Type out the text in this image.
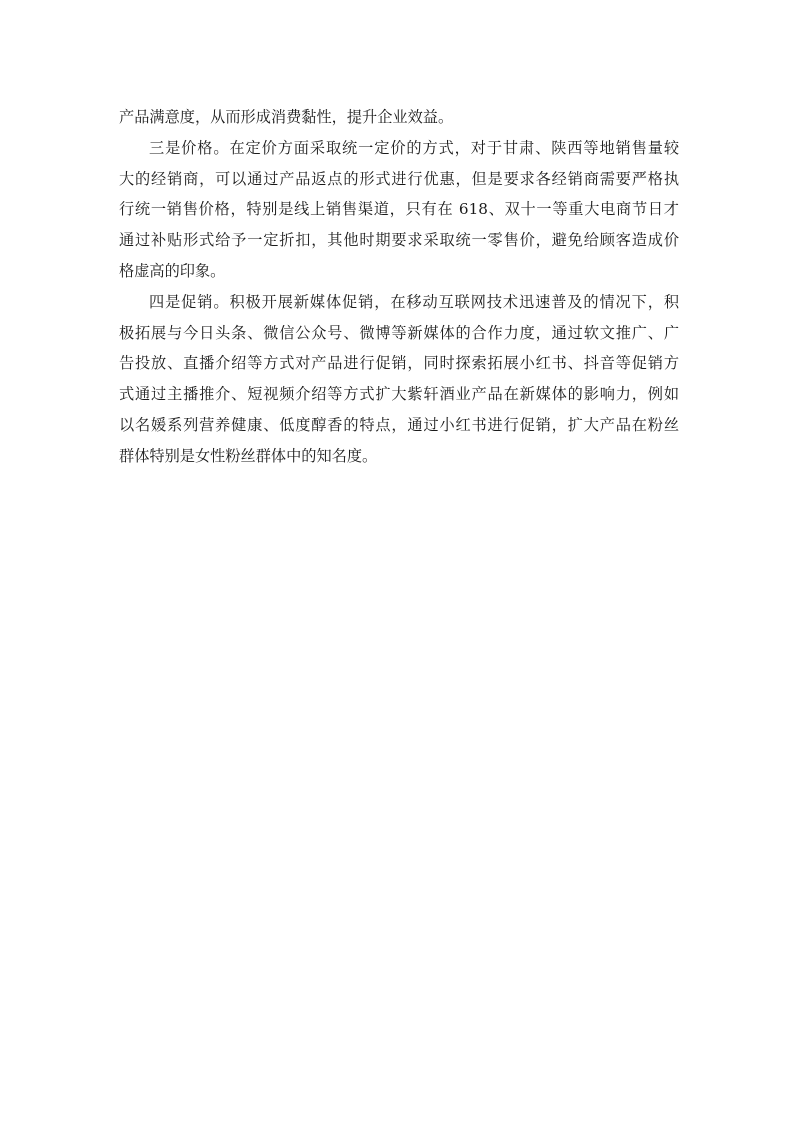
产品满意度，从而形成消费黏性，提升企业效益。
三是价格。在定价方面采取统一定价的方式，对于甘肃、陕西等地销售量较
大的经销商，可以通过产品返点的形式进行优惠，但是要求各经销商需要严格执
行统一销售价格，特别是线上销售渠道，只有在 618、双十一等重大电商节日才
通过补贴形式给予一定折扣，其他时期要求采取统一零售价，避免给顾客造成价
格虚高的印象。
四是促销。积极开展新媒体促销，在移动互联网技术迅速普及的情况下，积
极拓展与今日头条、微信公众号、微博等新媒体的合作力度，通过软文推广、广
告投放、直播介绍等方式对产品进行促销，同时探索拓展小红书、抖音等促销方
式通过主播推介、短视频介绍等方式扩大紫轩酒业产品在新媒体的影响力，例如
以名媛系列营养健康、低度醇香的特点，通过小红书进行促销，扩大产品在粉丝
群体特别是女性粉丝群体中的知名度。
